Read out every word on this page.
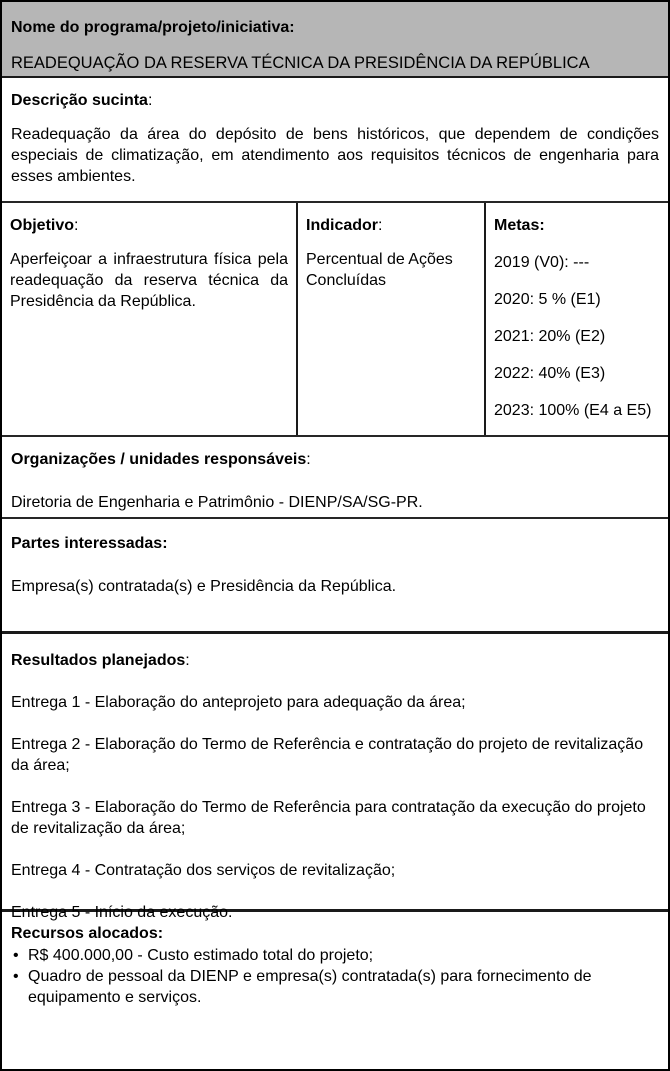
Nome do programa/projeto/iniciativa:

READEQUAÇÃO DA RESERVA TÉCNICA DA PRESIDÊNCIA DA REPÚBLICA

Descrição sucinta:

Readequação da área do depósito de bens históricos, que dependem de condições especiais de climatização, em atendimento aos requisitos técnicos de engenharia para esses ambientes.

Objetivo:

Aperfeiçoar a infraestrutura física pela readequação da reserva técnica da Presidência da República.

Indicador:

Percentual de Ações Concluídas

Metas:

2019 (V0): ---

2020: 5 % (E1)

2021: 20% (E2)

2022: 40% (E3)

2023: 100% (E4 a E5)

Organizações / unidades responsáveis:

Diretoria de Engenharia e Patrimônio - DIENP/SA/SG-PR.

Partes interessadas:

Empresa(s) contratada(s) e Presidência da República.

Resultados planejados:

Entrega 1 - Elaboração do anteprojeto para adequação da área;

Entrega 2 - Elaboração do Termo de Referência e contratação do projeto de revitalização da área;

Entrega 3 - Elaboração do Termo de Referência para contratação da execução do projeto de revitalização da área;

Entrega 4 - Contratação dos serviços de revitalização;

Entrega 5 - Início da execução.

Recursos alocados:

• R$ 400.000,00 - Custo estimado total do projeto;
• Quadro de pessoal da DIENP e empresa(s) contratada(s) para fornecimento de equipamento e serviços.
